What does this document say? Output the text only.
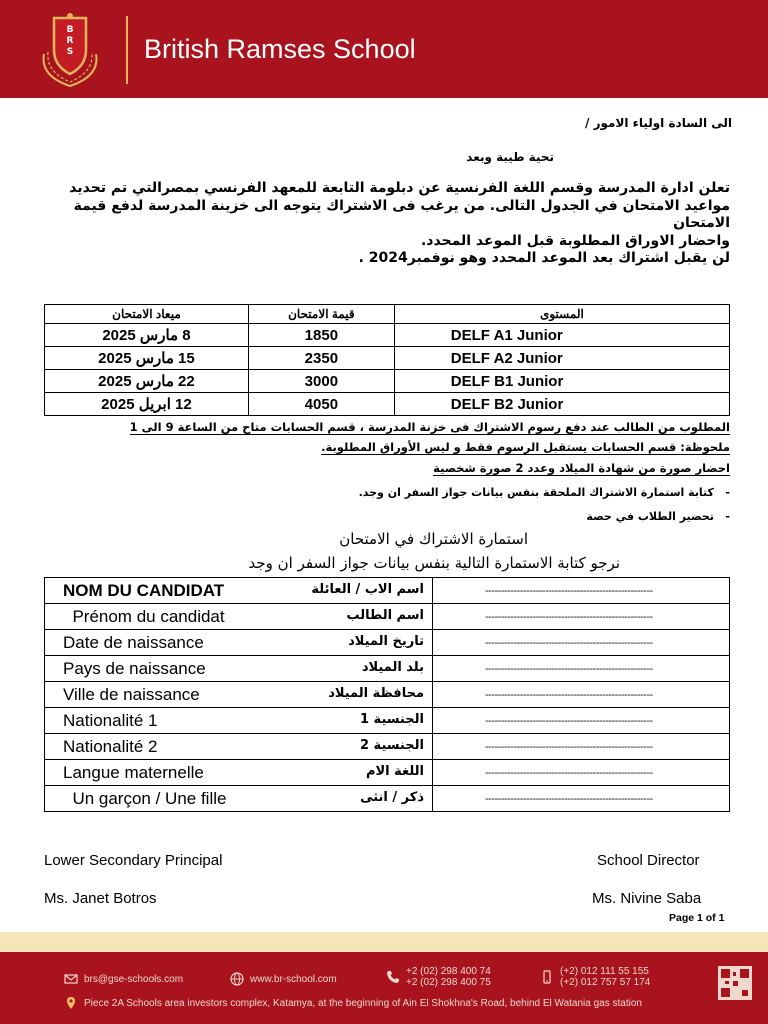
B
R
S	British Ramses School
الى السادة اولياء الامور /
تحية طيبة وبعد

تعلن ادارة المدرسة وقسم اللغة الفرنسية عن دبلومة التابعة للمعهد الفرنسي بمصرالتي تم تحديد

مواعيد الامتحان في الجدول التالى. من يرغب فى الاشتراك يتوجه الى خزينة المدرسة لدفع قيمة الامتحان

واحضار الاوراق المطلوبة قبل الموعد المحدد.

لن يقبل اشتراك بعد الموعد المحدد وهو نوفمبر2024 .

ميعاد الامتحان	قيمة الامتحان	المستوى
8 مارس 2025	1850	DELF A1 Junior
15 مارس 2025	2350	DELF A2 Junior
22 مارس 2025	3000	DELF B1 Junior
12 ابريل 2025	4050	DELF B2 Junior
المطلوب من الطالب عند دفع رسوم الاشتراك فى خزنة المدرسة ، قسم الحسابات متاح من الساعة 9 الى 1
ملحوظة: قسم الحسابات يستقبل الرسوم فقط و ليس الأوراق المطلوبة.
احضار صورة من شهادة الميلاد وعدد 2 صورة شخصية
-   كتابة استمارة الاشتراك الملحقة بنفس بيانات جواز السفر ان وجد.
-   تحضير الطلاب في حصة
استمارة الاشتراك في الامتحان
نرجو كتابة الاستمارة التالية بنفس بيانات جواز السفر ان وجد
NOM DU CANDIDAT اسم الاب / العائلة	-----------------------------------------------------
Prénom du candidat اسم الطالب	-----------------------------------------------------
Date de naissance تاريخ الميلاد	-----------------------------------------------------
Pays de naissance بلد الميلاد	-----------------------------------------------------
Ville de naissance محافظة الميلاد	-----------------------------------------------------
Nationalité 1 الجنسية 1	-----------------------------------------------------
Nationalité 2 الجنسية 2	-----------------------------------------------------
Langue maternelle اللغة الام	-----------------------------------------------------
Un garçon / Une fille ذكر / انثى	-----------------------------------------------------
Lower Secondary Principal	School Director
Ms. Janet Botros	Ms. Nivine Saba
Page 1 of 1
brs@gse-schools.com	www.br-school.com
+2 (02) 298 400 74
+2 (02) 298 400 75
(+2) 012 111 55 155
(+2) 012 757 57 174
Piece 2A Schools area investors complex, Katamya, at the beginning of Ain El Shokhna's Road, behind El Watania gas station
